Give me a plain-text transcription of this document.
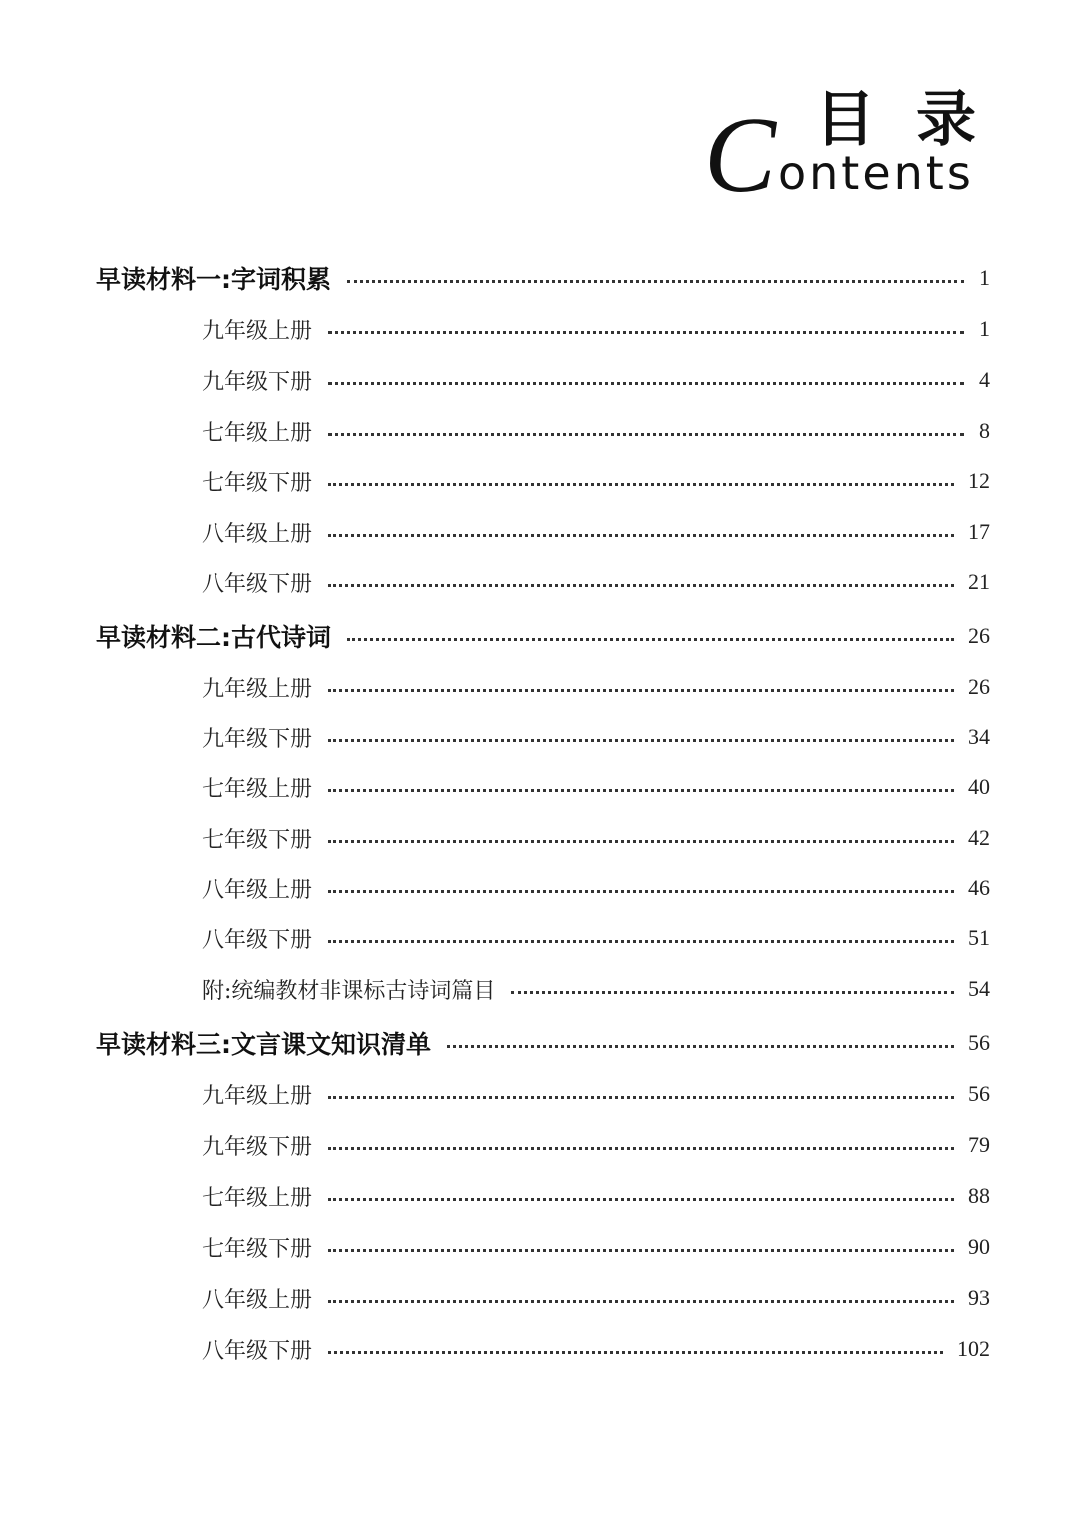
目 录
C ontents
早读材料一:字词积累	1
九年级上册	1
九年级下册	4
七年级上册	8
七年级下册	12
八年级上册	17
八年级下册	21
早读材料二:古代诗词	26
九年级上册	26
九年级下册	34
七年级上册	40
七年级下册	42
八年级上册	46
八年级下册	51
附:统编教材非课标古诗词篇目	54
早读材料三:文言课文知识清单	56
九年级上册	56
九年级下册	79
七年级上册	88
七年级下册	90
八年级上册	93
八年级下册	102
